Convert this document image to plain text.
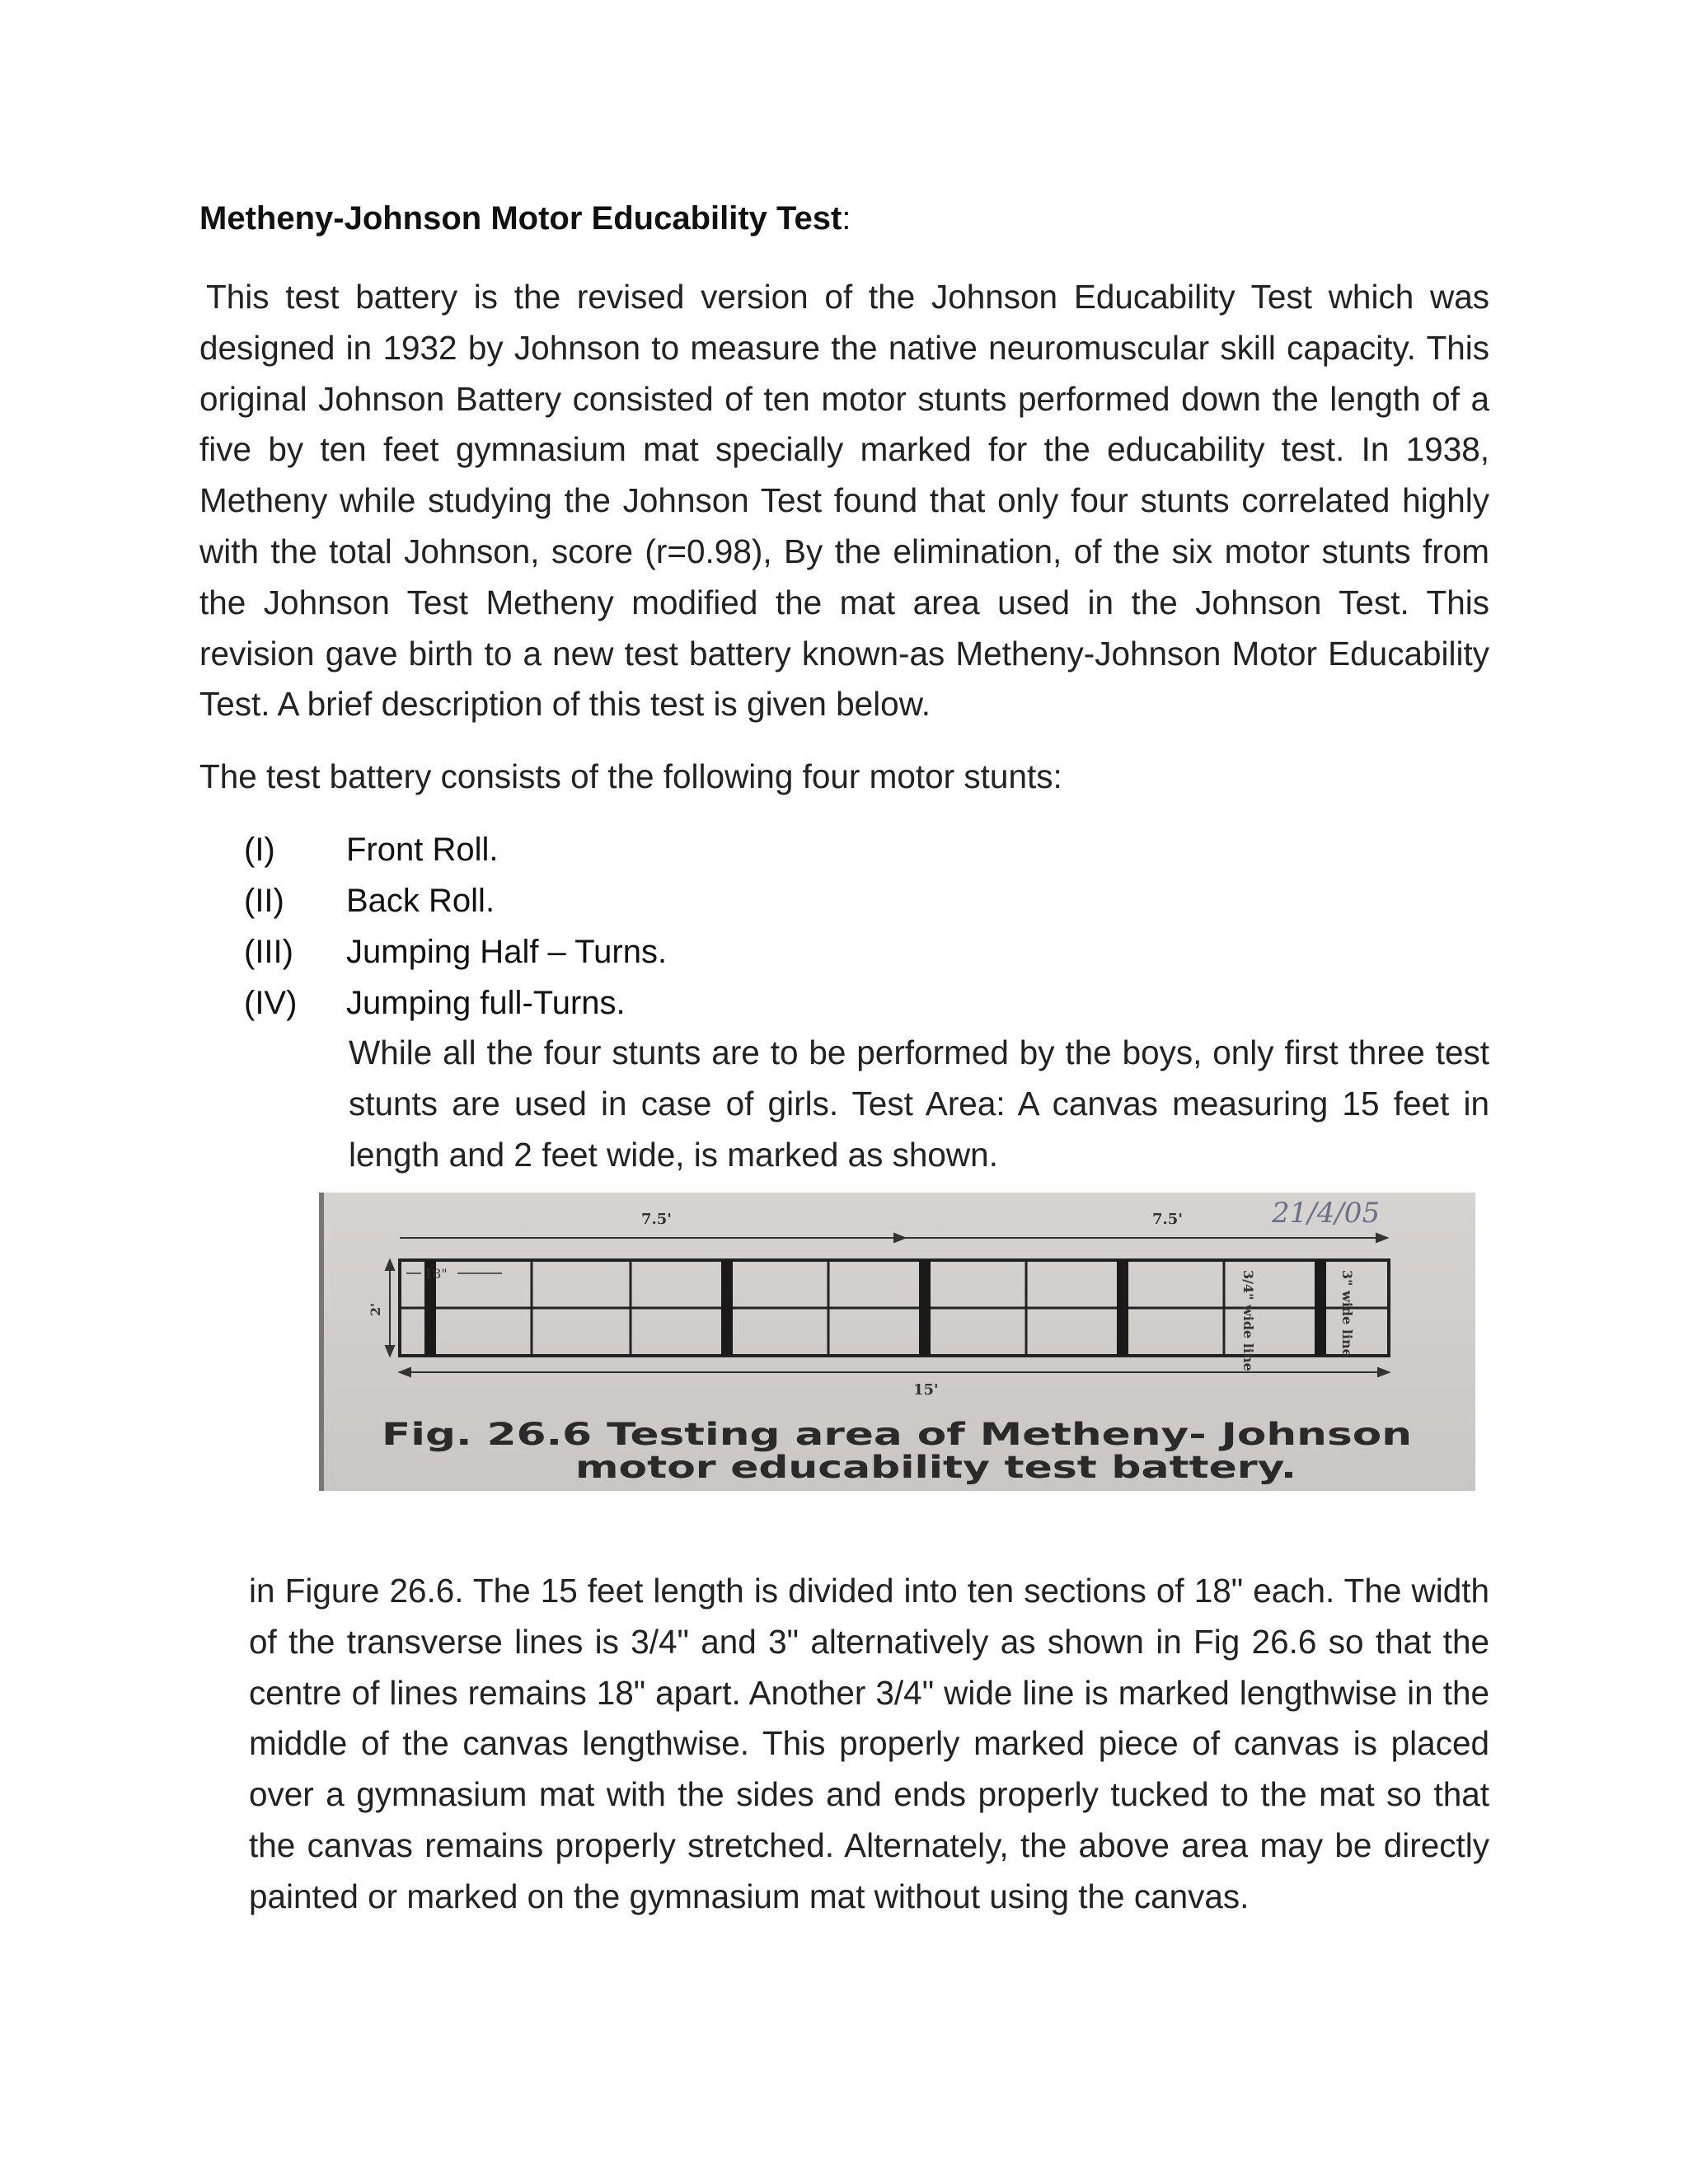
Metheny-Johnson Motor Educability Test:

This test battery is the revised version of the Johnson Educability Test which was designed in 1932 by Johnson to measure the native neuromuscular skill capacity. This original Johnson Battery consisted of ten motor stunts performed down the length of a five by ten feet gymnasium mat specially marked for the educability test. In 1938, Metheny while studying the Johnson Test found that only four stunts correlated highly with the total Johnson, score (r=0.98), By the elimination, of the six motor stunts from the Johnson Test Metheny modified the mat area used in the Johnson Test. This revision gave birth to a new test battery known-as Metheny-Johnson Motor Educability Test. A brief description of this test is given below.

The test battery consists of the following four motor stunts:

(I)	Front Roll.
(II)	Back Roll.
(III)	Jumping Half – Turns.
(IV)	Jumping full-Turns.

While all the four stunts are to be performed by the boys, only first three test stunts are used in case of girls. Test Area: A canvas measuring 15 feet in length and 2 feet wide, is marked as shown.

7.5'	7.5'	21/4/05
2'
18"	3/4" wide line	3" wide line
15'
Fig. 26.6 Testing area of Metheny- Johnson
motor educability test battery.

in Figure 26.6. The 15 feet length is divided into ten sections of 18" each. The width of the transverse lines is 3/4" and 3" alternatively as shown in Fig 26.6 so that the centre of lines remains 18" apart. Another 3/4" wide line is marked lengthwise in the middle of the canvas lengthwise. This properly marked piece of canvas is placed over a gymnasium mat with the sides and ends properly tucked to the mat so that the canvas remains properly stretched. Alternately, the above area may be directly painted or marked on the gymnasium mat without using the canvas.
